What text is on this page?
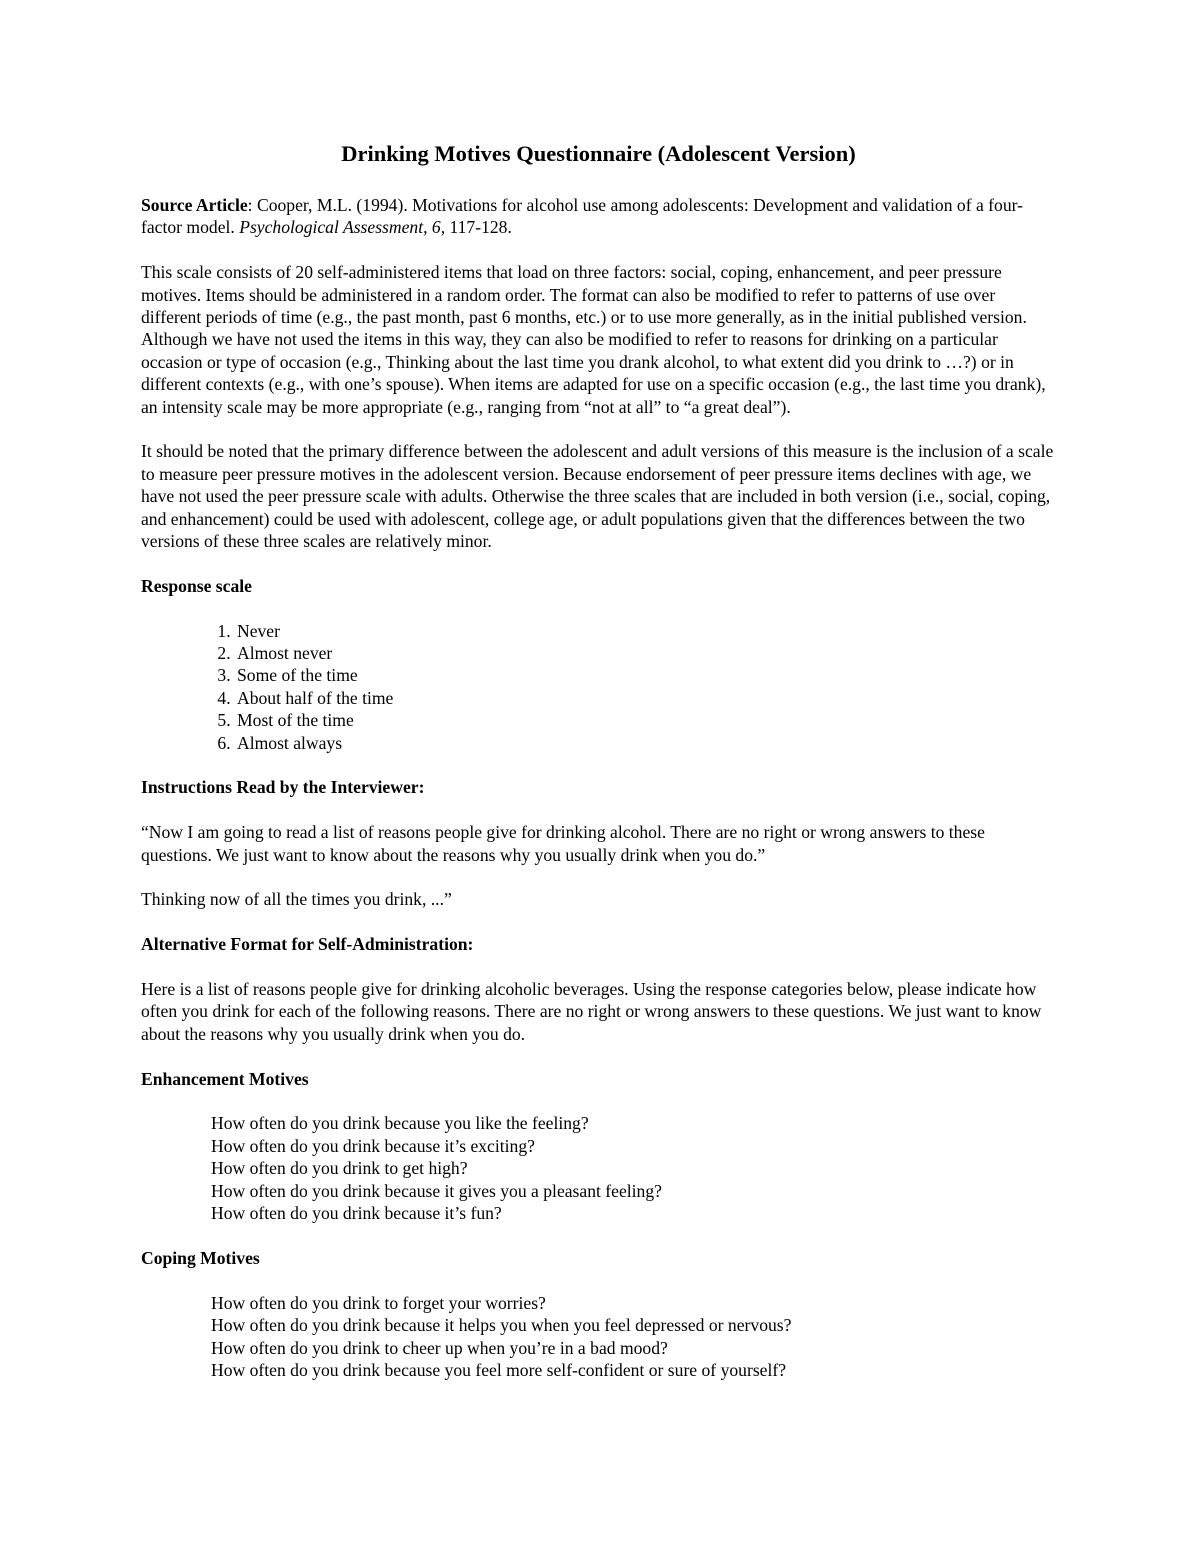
Drinking Motives Questionnaire (Adolescent Version)

Source Article: Cooper, M.L. (1994). Motivations for alcohol use among adolescents: Development and validation of a four-factor model. Psychological Assessment, 6, 117-128.

This scale consists of 20 self-administered items that load on three factors: social, coping, enhancement, and peer pressure motives. Items should be administered in a random order. The format can also be modified to refer to patterns of use over different periods of time (e.g., the past month, past 6 months, etc.) or to use more generally, as in the initial published version. Although we have not used the items in this way, they can also be modified to refer to reasons for drinking on a particular occasion or type of occasion (e.g., Thinking about the last time you drank alcohol, to what extent did you drink to …?) or in different contexts (e.g., with one’s spouse). When items are adapted for use on a specific occasion (e.g., the last time you drank), an intensity scale may be more appropriate (e.g., ranging from “not at all” to “a great deal”).

It should be noted that the primary difference between the adolescent and adult versions of this measure is the inclusion of a scale to measure peer pressure motives in the adolescent version. Because endorsement of peer pressure items declines with age, we have not used the peer pressure scale with adults. Otherwise the three scales that are included in both version (i.e., social, coping, and enhancement) could be used with adolescent, college age, or adult populations given that the differences between the two versions of these three scales are relatively minor.

Response scale

1. Never
2. Almost never
3. Some of the time
4. About half of the time
5. Most of the time
6. Almost always

Instructions Read by the Interviewer:

“Now I am going to read a list of reasons people give for drinking alcohol. There are no right or wrong answers to these questions. We just want to know about the reasons why you usually drink when you do.”

Thinking now of all the times you drink, ...”

Alternative Format for Self-Administration:

Here is a list of reasons people give for drinking alcoholic beverages. Using the response categories below, please indicate how often you drink for each of the following reasons. There are no right or wrong answers to these questions. We just want to know about the reasons why you usually drink when you do.

Enhancement Motives

How often do you drink because you like the feeling?
How often do you drink because it’s exciting?
How often do you drink to get high?
How often do you drink because it gives you a pleasant feeling?
How often do you drink because it’s fun?

Coping Motives

How often do you drink to forget your worries?
How often do you drink because it helps you when you feel depressed or nervous?
How often do you drink to cheer up when you’re in a bad mood?
How often do you drink because you feel more self-confident or sure of yourself?
